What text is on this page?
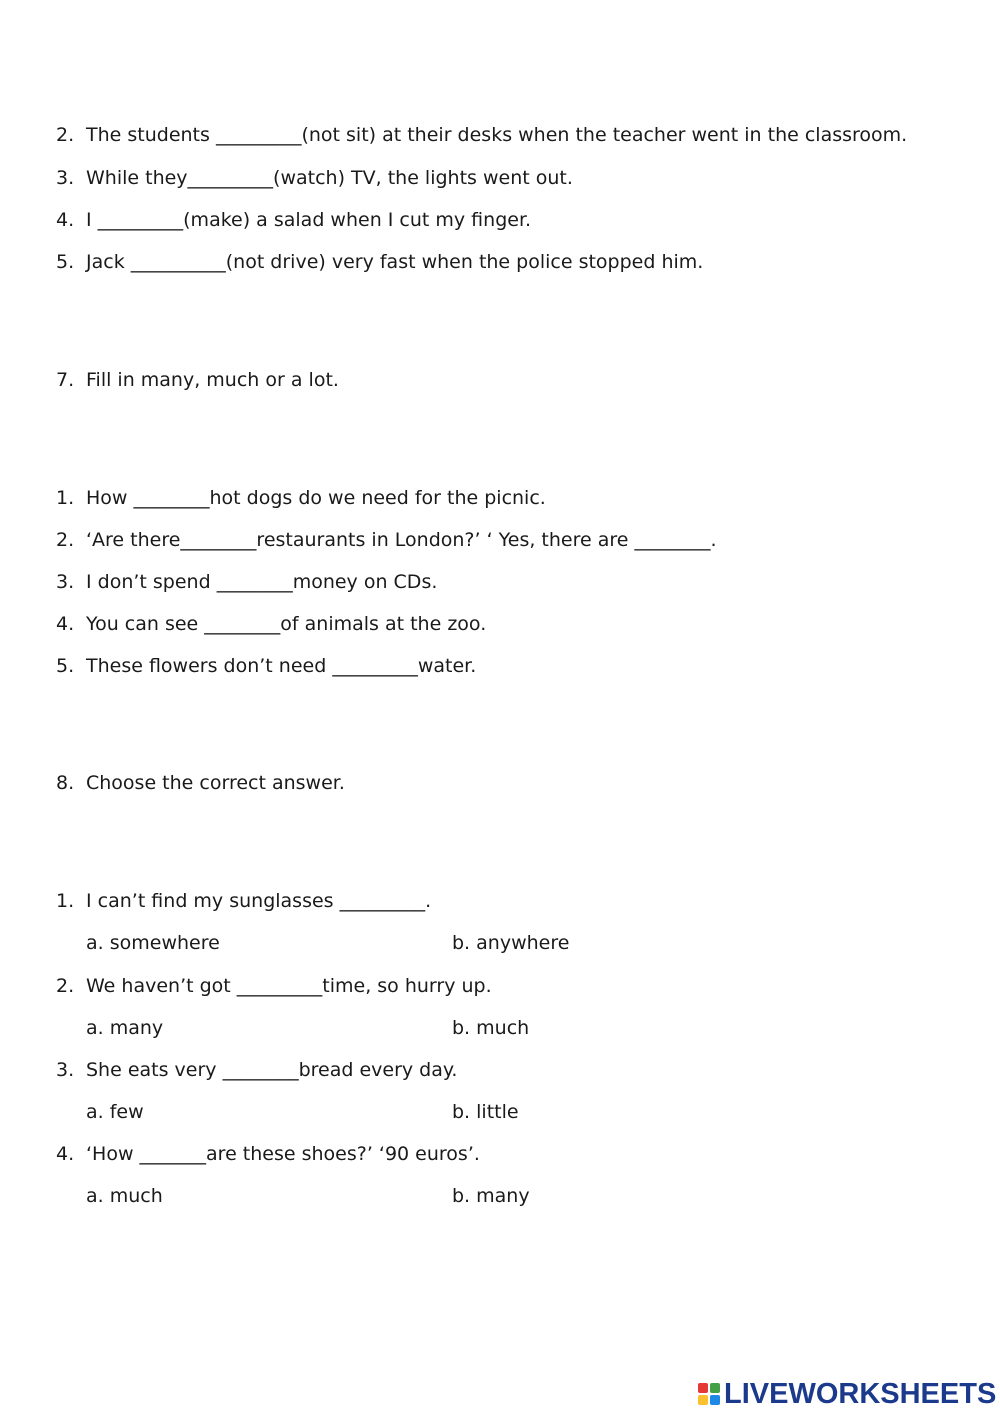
2. The students _________(not sit) at their desks when the teacher went in the classroom.
3. While they_________(watch) TV, the lights went out.
4. I _________(make) a salad when I cut my finger.
5. Jack __________(not drive) very fast when the police stopped him.
7. Fill in many, much or a lot.
1. How ________hot dogs do we need for the picnic.
2. ‘Are there________restaurants in London?’ ‘ Yes, there are ________.
3. I don’t spend ________money on CDs.
4. You can see ________of animals at the zoo.
5. These flowers don’t need _________water.
8. Choose the correct answer.
1. I can’t find my sunglasses _________.
a. somewhere	b. anywhere
2. We haven’t got _________time, so hurry up.
a. many	b. much
3. She eats very ________bread every day.
a. few	b. little
4. ‘How _______are these shoes?’ ‘90 euros’.
a. much	b. many
LIVEWORKSHEETS
